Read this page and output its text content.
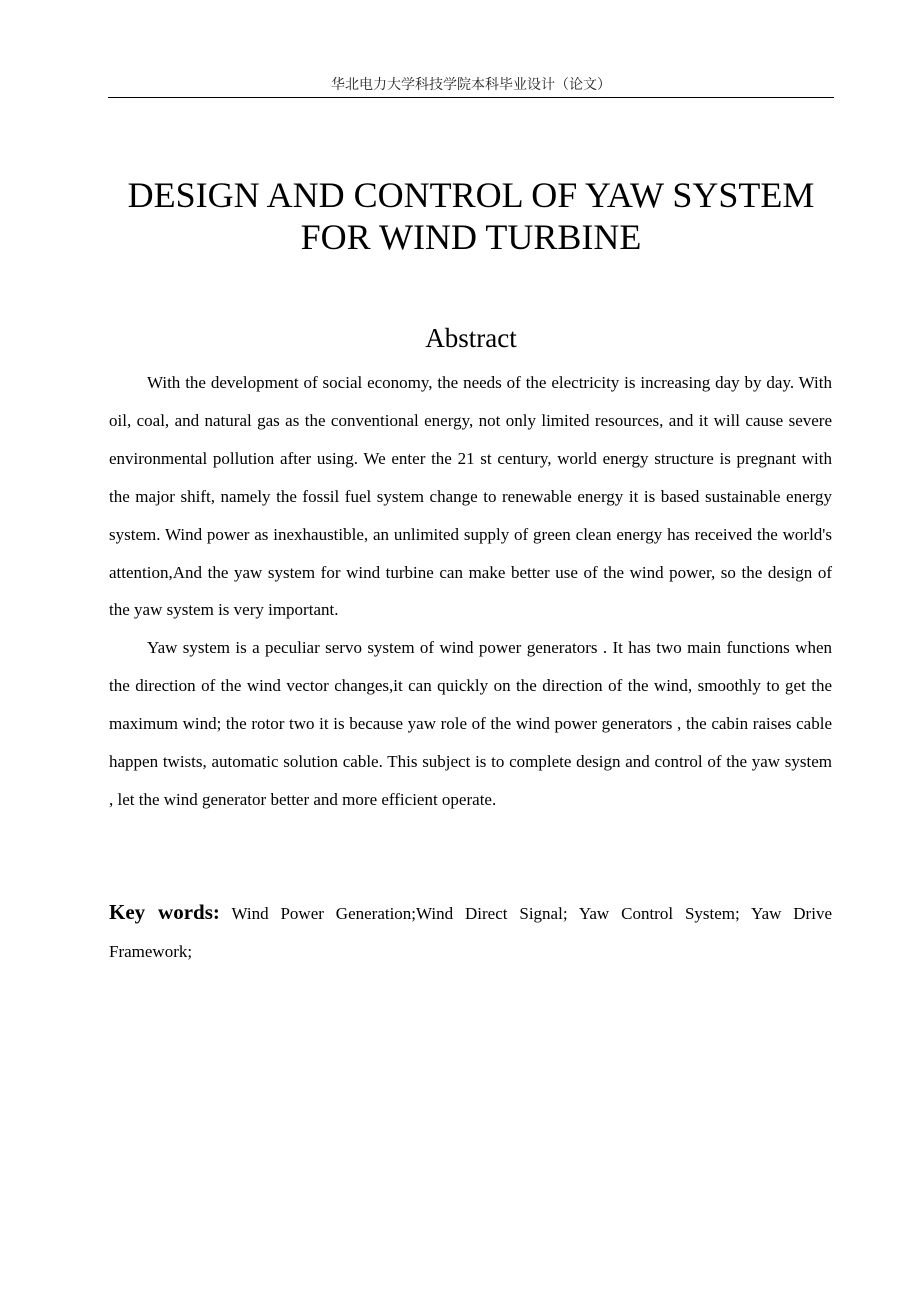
华北电力大学科技学院本科毕业设计（论文）
DESIGN AND CONTROL OF YAW SYSTEM
FOR WIND TURBINE
Abstract

With the development of social economy, the needs of the electricity is increasing day by day. With oil, coal, and natural gas as the conventional energy, not only limited resources, and it will cause severe environmental pollution after using. We enter the 21 st century, world energy structure is pregnant with the major shift, namely the fossil fuel system change to renewable energy it is based sustainable energy system. Wind power as inexhaustible, an unlimited supply of green clean energy has received the world's attention,And the yaw system for wind turbine can make better use of the wind power, so the design of the yaw system is very important.

Yaw system is a peculiar servo system of wind power generators . It has two main functions when the direction of the wind vector changes,it can quickly on the direction of the wind, smoothly to get the maximum wind; the rotor two it is because yaw role of the wind power generators , the cabin raises cable happen twists, automatic solution cable. This subject is to complete design and control of the yaw system , let the wind generator better and more efficient operate.

Key words: Wind Power Generation;Wind Direct Signal; Yaw Control System; Yaw Drive Framework;
